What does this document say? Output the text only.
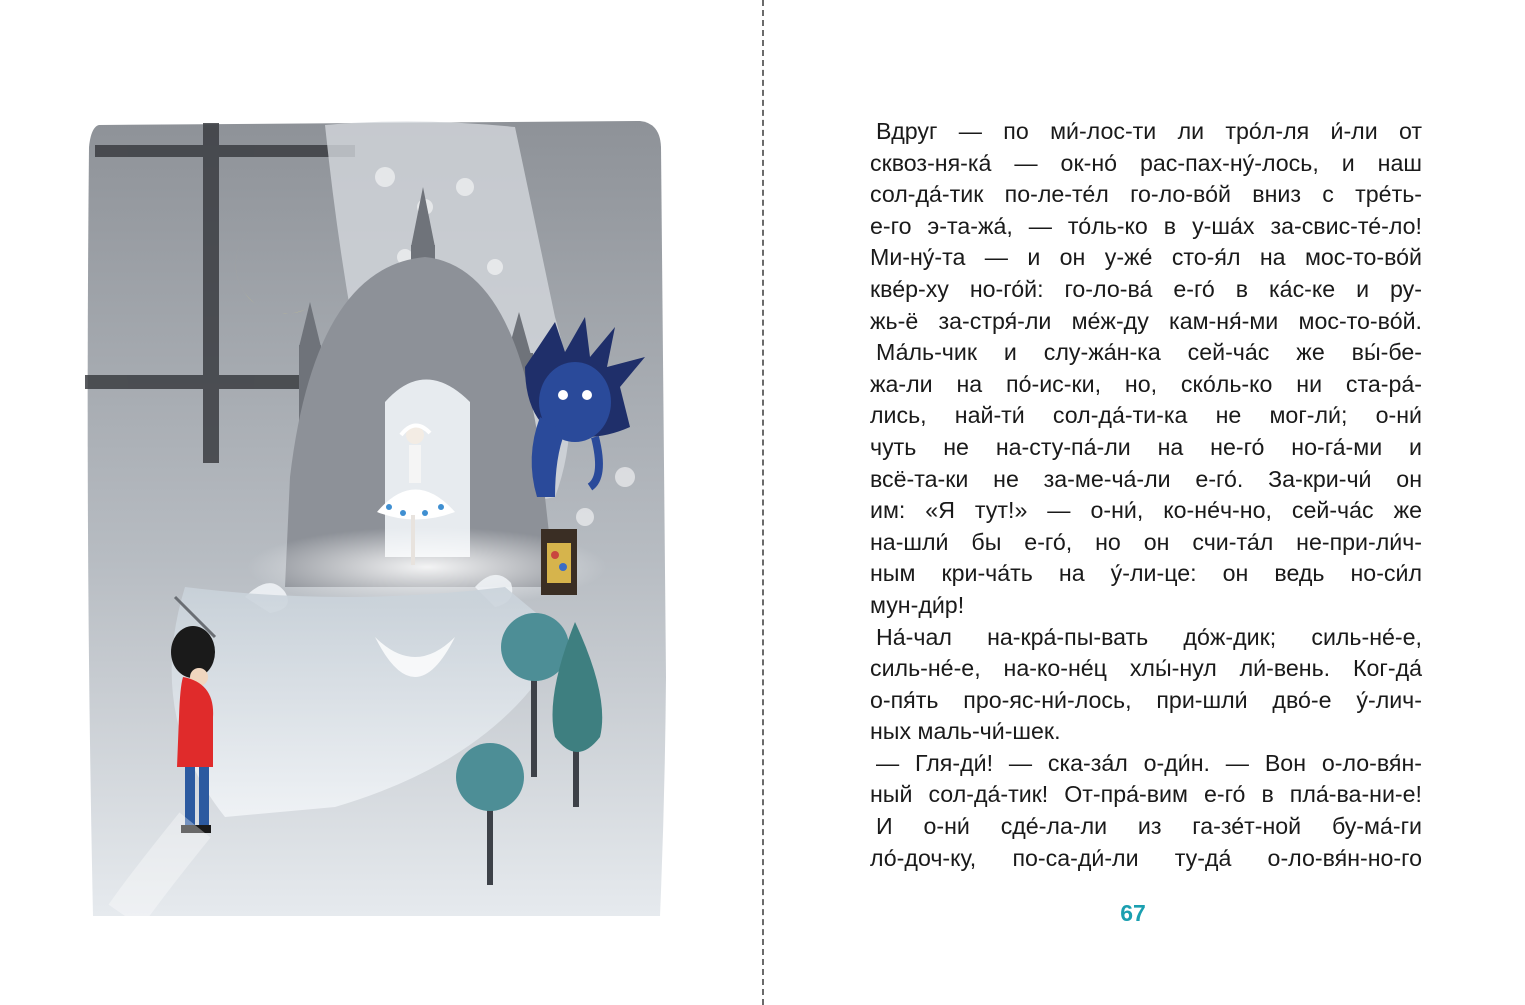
Вдруг — по ми́-лос-ти ли тро́л-ля и́-ли от
сквоз-ня-ка́ — ок-но́ рас-пах-ну́-лось, и наш
сол-да́-тик по-ле-те́л го-ло-во́й вниз с тре́ть-
е-го э-та-жа́, — то́ль-ко в у-ша́х за-свис-те́-ло!
Ми-ну́-та — и он у-же́ сто-я́л на мос-то-во́й
кве́р-ху но-го́й: го-ло-ва́ е-го́ в ка́с-ке и ру-
жь-ё за-стря́-ли ме́ж-ду кам-ня́-ми мос-то-во́й.
Ма́ль-чик и слу-жа́н-ка сей-ча́с же вы́-бе-
жа-ли на по́-ис-ки, но, ско́ль-ко ни ста-ра́-
лись, най-ти́ сол-да́-ти-ка не мог-ли́; о-ни́
чуть не на-сту-па́-ли на не-го́ но-га́-ми и
всё-та-ки не за-ме-ча́-ли е-го́. За-кри-чи́ он
им: «Я тут!» — о-ни́, ко-не́ч-но, сей-ча́с же
на-шли́ бы е-го́, но он счи-та́л не-при-ли́ч-
ным кри-ча́ть на у́-ли-це: он ведь но-си́л
мун-ди́р!
На́-чал на-кра́-пы-вать до́ж-дик; силь-не́-е,
силь-не́-е, на-ко-не́ц хлы́-нул ли́-вень. Ког-да́
о-пя́ть про-яс-ни́-лось, при-шли́ дво́-е у́-лич-
ных маль-чи́-шек.
— Гля-ди́! — ска-за́л о-ди́н. — Вон о-ло-вя́н-
ный сол-да́-тик! От-пра́-вим е-го́ в пла́-ва-ни-е!
И о-ни́ сде́-ла-ли из га-зе́т-ной бу-ма́-ги
ло́-доч-ку, по-са-ди́-ли ту-да́ о-ло-вя́н-но-го
67
